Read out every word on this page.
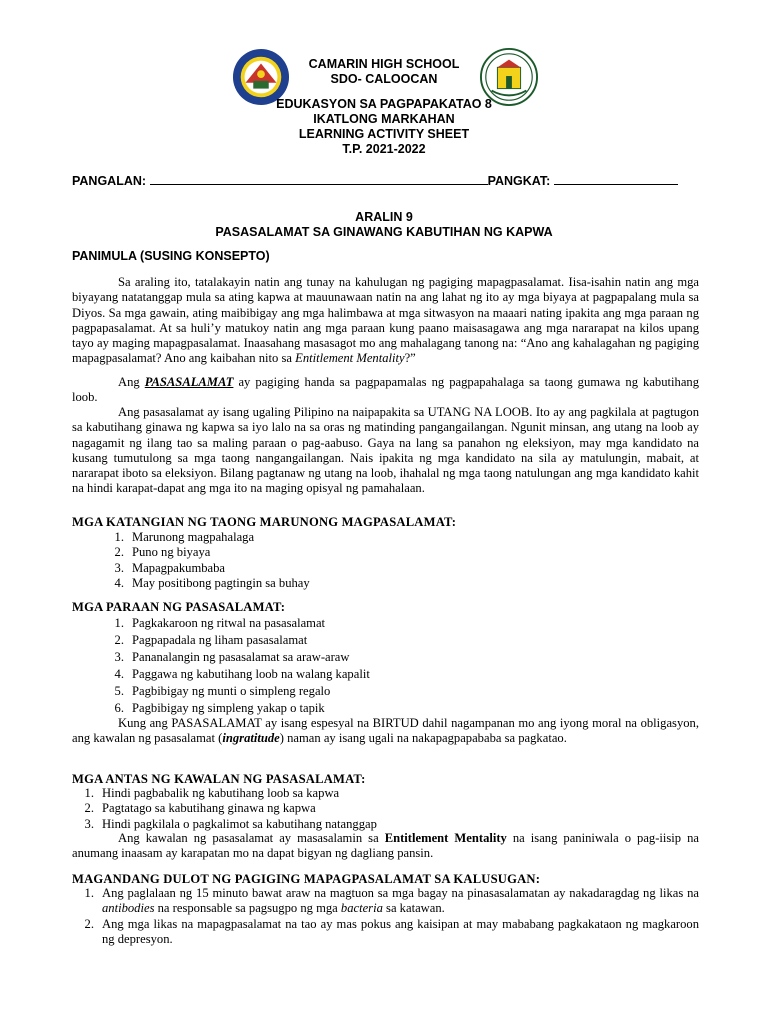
CAMARIN HIGH SCHOOL
SDO- CALOOCAN
EDUKASYON SA PAGPAPAKATAO 8
IKATLONG MARKAHAN
LEARNING ACTIVITY SHEET
T.P. 2021-2022
PANGALAN:	PANGKAT:
ARALIN 9
PASASALAMAT SA GINAWANG KABUTIHAN NG KAPWA
PANIMULA (SUSING KONSEPTO)
Sa araling ito, tatalakayin natin ang tunay na kahulugan ng pagiging mapagpasalamat. Iisa-isahin natin ang mga biyayang natatanggap mula sa ating kapwa at mauunawaan natin na ang lahat ng ito ay mga biyaya at pagpapalang mula sa Diyos. Sa mga gawain, ating maibibigay ang mga halimbawa at mga sitwasyon na maaari nating ipakita ang mga paraan ng pagpapasalamat. At sa huli’y matukoy natin ang mga paraan kung paano maisasagawa ang mga nararapat na kilos upang tayo ay maging mapagpasalamat. Inaasahang masasagot mo ang mahalagang tanong na: “Ano ang kahalagahan ng pagiging mapagpasalamat? Ano ang kaibahan nito sa Entitlement Mentality?”
Ang PASASALAMAT ay pagiging handa sa pagpapamalas ng pagpapahalaga sa taong gumawa ng kabutihang loob.
Ang pasasalamat ay isang ugaling Pilipino na naipapakita sa UTANG NA LOOB. Ito ay ang pagkilala at pagtugon sa kabutihang ginawa ng kapwa sa iyo lalo na sa oras ng matinding pangangailangan. Ngunit minsan, ang utang na loob ay nagagamit ng ilang tao sa maling paraan o pag-aabuso. Gaya na lang sa panahon ng eleksiyon, may mga kandidato na kusang tumutulong sa mga taong nangangailangan. Nais ipakita ng mga kandidato na sila ay matulungin, mabait, at nararapat iboto sa eleksiyon. Bilang pagtanaw ng utang na loob, ihahalal ng mga taong natulungan ang mga kandidato kahit na hindi karapat-dapat ang mga ito na maging opisyal ng pamahalaan.
MGA KATANGIAN NG TAONG MARUNONG MAGPASALAMAT:
1. Marunong magpahalaga
2. Puno ng biyaya
3. Mapagpakumbaba
4. May positibong pagtingin sa buhay
MGA PARAAN NG PASASALAMAT:
1. Pagkakaroon ng ritwal na pasasalamat
2. Pagpapadala ng liham pasasalamat
3. Pananalangin ng pasasalamat sa araw-araw
4. Paggawa ng kabutihang loob na walang kapalit
5. Pagbibigay ng munti o simpleng regalo
6. Pagbibigay ng simpleng yakap o tapik
Kung ang PASASALAMAT ay isang espesyal na BIRTUD dahil nagampanan mo ang iyong moral na obligasyon, ang kawalan ng pasasalamat (ingratitude) naman ay isang ugali na nakapagpapababa sa pagkatao.
MGA ANTAS NG KAWALAN NG PASASALAMAT:
1. Hindi pagbabalik ng kabutihang loob sa kapwa
2. Pagtatago sa kabutihang ginawa ng kapwa
3. Hindi pagkilala o pagkalimot sa kabutihang natanggap
Ang kawalan ng pasasalamat ay masasalamin sa Entitlement Mentality na isang paniniwala o pag-iisip na anumang inaasam ay karapatan mo na dapat bigyan ng dagliang pansin.
MAGANDANG DULOT NG PAGIGING MAPAGPASALAMAT SA KALUSUGAN:
1. Ang paglalaan ng 15 minuto bawat araw na magtuon sa mga bagay na pinasasalamatan ay nakadaragdag ng likas na antibodies na responsable sa pagsugpo ng mga bacteria sa katawan.
2. Ang mga likas na mapagpasalamat na tao ay mas pokus ang kaisipan at may mababang pagkakataon ng magkaroon ng depresyon.
